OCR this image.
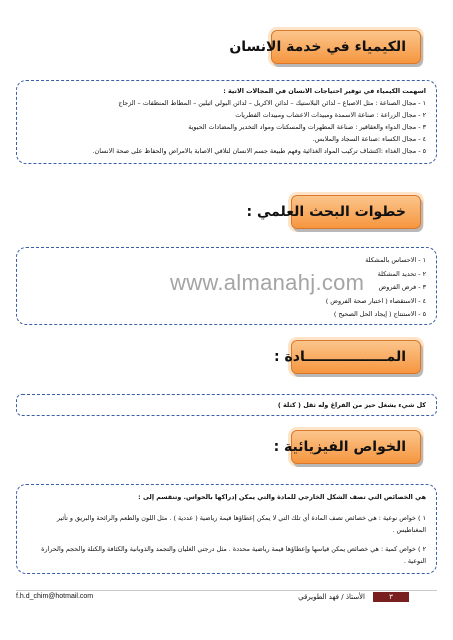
الكيمياء في خدمة الانسان

اسهمت الكيمياء في توفير احتياجات الانسان في المجالات الاتية :

١ - مجال الصناعة : مثل الاصباغ – لدائن البلاستيك – لدائن الاكريل – لدائن البولي اثيلين – المطاط المنظفات – الزجاج

٢ - مجال الزراعة : صناعة الاسمدة ومبيدات الاعشاب ومبيدات الفطريات

٣ - مجال الدواء والعقاقير : صناعة المطهرات والمسكنات ومواد التخدير والمضادات الحيوية

٤ - مجال الكساء :صناعة السجاد والملابس.

٥ - مجال الغذاء :اكتشاف تركيب المواد الغذائية وفهم طبيعة جسم الانسان لتلافي الاصابة بالامراض والحفاظ على صحة الانسان.

خطوات البحث العلمي :

١ - الاحساس بالمشكلة

٢ - تحديد المشكلة

٣ - فرض الفروض

٤ - الاستقصاء ( اختبار صحة الفروض )

٥ - الاستنتاج ( إيجاد الحل الصحيح )

www.almanahj.com
المـــــــــــــــــادة :

كل شيء يشغل حيز من الفراغ وله ثقل ( كتلة )

الخواص الفيزيائية :

هي الخصائص التي تصف الشكل الخارجي للمادة والتي يمكن إدراكها بالحواس. وتنقسم إلى :

١ ) خواص نوعية : هي خصائص تصف المادة أي تلك التي لا يمكن إعطاؤها قيمة رياضية ( عددية ) . مثل اللون والطعم والرائحة والبريق و تأثير المغناطيس .

٢ ) خواص كمية : هي خصائص يمكن قياسها وإعطاؤها قيمة رياضية محددة . مثل درجتي الغليان والتجمد والذوبانية والكثافة والكتلة والحجم والحرارة النوعية .

f.h.d_chim@hotmail.com	الأستاذ / فهد الطويرقي	٣
